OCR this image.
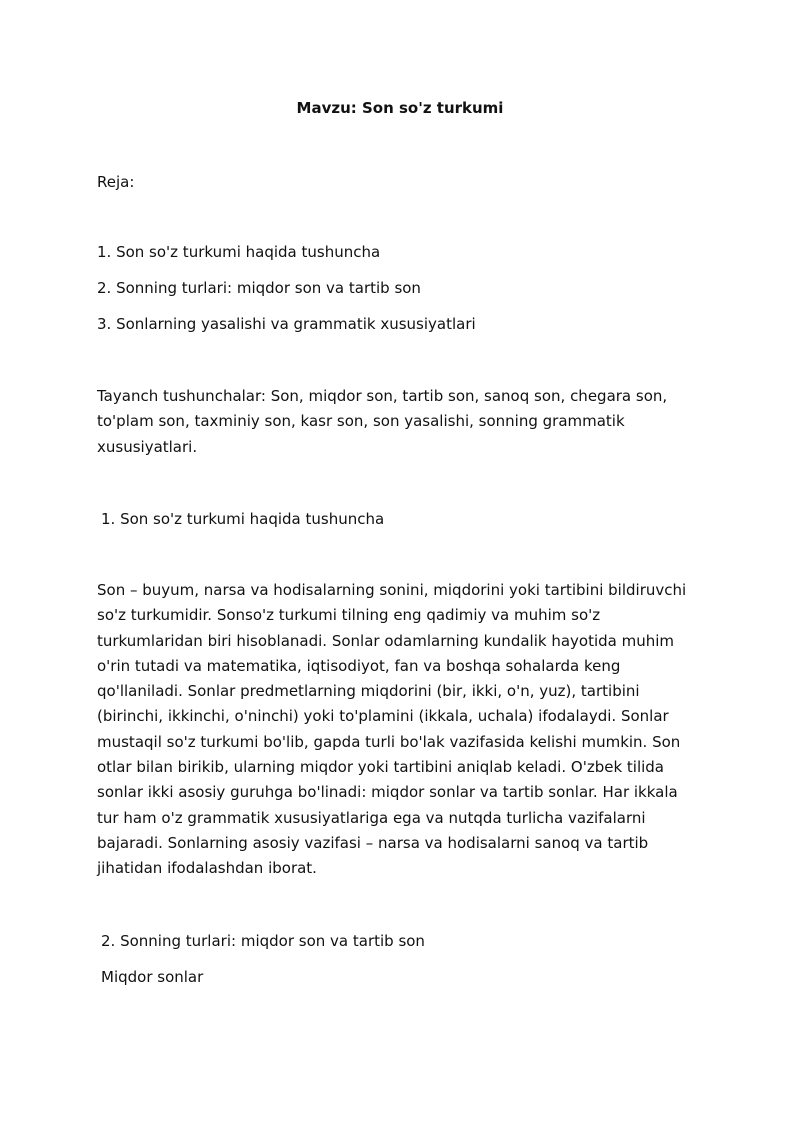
Mavzu: Son so'z turkumi
Reja:
1. Son so'z turkumi haqida tushuncha
2. Sonning turlari: miqdor son va tartib son
3. Sonlarning yasalishi va grammatik xususiyatlari
Tayanch tushunchalar: Son, miqdor son, tartib son, sanoq son, chegara son,
to'plam son, taxminiy son, kasr son, son yasalishi, sonning grammatik
xususiyatlari.
1. Son so'z turkumi haqida tushuncha
Son – buyum, narsa va hodisalarning sonini, miqdorini yoki tartibini bildiruvchi
so'z turkumidir. Sonso'z turkumi tilning eng qadimiy va muhim so'z
turkumlaridan biri hisoblanadi. Sonlar odamlarning kundalik hayotida muhim
o'rin tutadi va matematika, iqtisodiyot, fan va boshqa sohalarda keng
qo'llaniladi. Sonlar predmetlarning miqdorini (bir, ikki, o'n, yuz), tartibini
(birinchi, ikkinchi, o'ninchi) yoki to'plamini (ikkala, uchala) ifodalaydi. Sonlar
mustaqil so'z turkumi bo'lib, gapda turli bo'lak vazifasida kelishi mumkin. Son
otlar bilan birikib, ularning miqdor yoki tartibini aniqlab keladi. O'zbek tilida
sonlar ikki asosiy guruhga bo'linadi: miqdor sonlar va tartib sonlar. Har ikkala
tur ham o'z grammatik xususiyatlariga ega va nutqda turlicha vazifalarni
bajaradi. Sonlarning asosiy vazifasi – narsa va hodisalarni sanoq va tartib
jihatidan ifodalashdan iborat.
2. Sonning turlari: miqdor son va tartib son
Miqdor sonlar
